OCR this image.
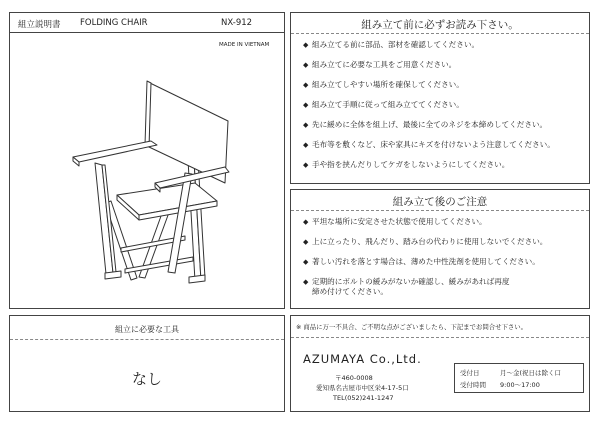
組立説明書 FOLDING CHAIR	NX-912
MADE IN VIETNAM
組み立て前に必ずお読み下さい。
◆ 組み立てる前に部品、部材を確認してください。
◆ 組み立てに必要な工具をご用意ください。
◆ 組み立てしやすい場所を確保してください。
◆ 組み立て手順に従って組み立ててください。
◆ 先に緩めに全体を組上げ、最後に全てのネジを本締めしてください。
◆ 毛布等を敷くなど、床や家具にキズを付けないよう注意してください。
◆ 手や指を挟んだりしてケガをしないようにしてください。
組み立て後のご注意
◆ 平坦な場所に安定させた状態で使用してください。
◆ 上に立ったり、飛んだり、踏み台の代わりに使用しないでください。
◆ 著しい汚れを落とす場合は、薄めた中性洗剤を使用してください。
◆ 定期的にボルトの緩みがないか確認し、緩みがあれば再度
締め付けてください。
組立に必要な工具
なし
※ 商品に万一不具合、ご不明な点がございましたら、下記までお問合せ下さい。
AZUMAYA Co.,Ltd.
〒460-0008
愛知県名古屋市中区栄4-17-5口
TEL(052)241-1247
受付日	月～金(祝日は除く口
受付時間 9:00～17:00
